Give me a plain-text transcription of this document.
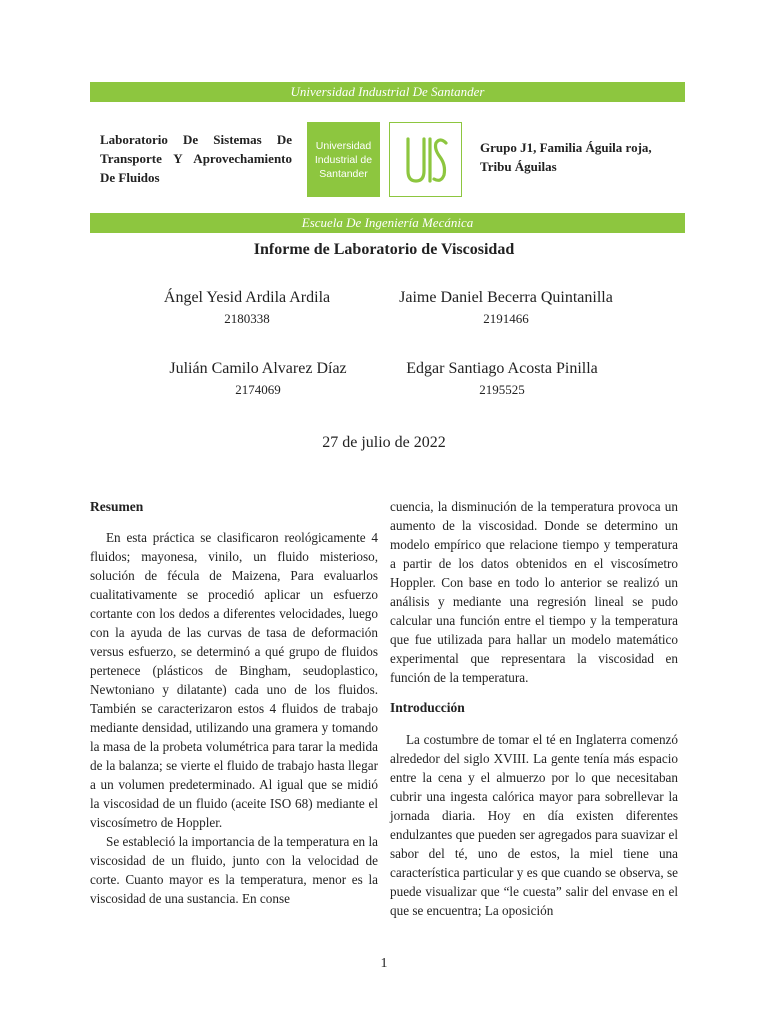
Universidad Industrial De Santander
Laboratorio De Sistemas De Transporte Y Aprovechamiento De Fluidos
Universidad
Industrial de
Santander
Grupo J1, Familia Águila roja, Tribu Águilas
Escuela De Ingeniería Mecánica
Informe de Laboratorio de Viscosidad
Ángel Yesid Ardila Ardila
2180338
Jaime Daniel Becerra Quintanilla
2191466
Julián Camilo Alvarez Díaz
2174069
Edgar Santiago Acosta Pinilla
2195525
27 de julio de 2022
Resumen

En esta práctica se clasificaron reológicamente 4 fluidos; mayonesa, vinilo, un fluido misterioso, solución de fécula de Maizena, Para evaluarlos cualitativamente se procedió aplicar un esfuerzo cortante con los dedos a diferentes velocidades, luego con la ayuda de las curvas de tasa de deformación versus esfuerzo, se determinó a qué grupo de fluidos pertenece (plásticos de Bingham, seudoplastico, Newtoniano y dilatante) cada uno de los fluidos. También se caracterizaron estos 4 fluidos de trabajo mediante densidad, utilizando una gramera y tomando la masa de la probeta volumétrica para tarar la medida de la balanza; se vierte el fluido de trabajo hasta llegar a un volumen predeterminado. Al igual que se midió la viscosidad de un fluido (aceite ISO 68) mediante el viscosímetro de Hoppler.

Se estableció la importancia de la temperatura en la viscosidad de un fluido, junto con la velocidad de corte. Cuanto mayor es la temperatura, menor es la viscosidad de una sustancia. En conse

cuencia, la disminución de la temperatura provoca un aumento de la viscosidad. Donde se determino un modelo empírico que relacione tiempo y temperatura a partir de los datos obtenidos en el viscosímetro Hoppler. Con base en todo lo anterior se realizó un análisis y mediante una regresión lineal se pudo calcular una función entre el tiempo y la temperatura que fue utilizada para hallar un modelo matemático experimental que representara la viscosidad en función de la temperatura.

Introducción

La costumbre de tomar el té en Inglaterra comenzó alrededor del siglo XVIII. La gente tenía más espacio entre la cena y el almuerzo por lo que necesitaban cubrir una ingesta calórica mayor para sobrellevar la jornada diaria. Hoy en día existen diferentes endulzantes que pueden ser agregados para suavizar el sabor del té, uno de estos, la miel tiene una característica particular y es que cuando se observa, se puede visualizar que “le cuesta” salir del envase en el que se encuentra; La oposición

1
